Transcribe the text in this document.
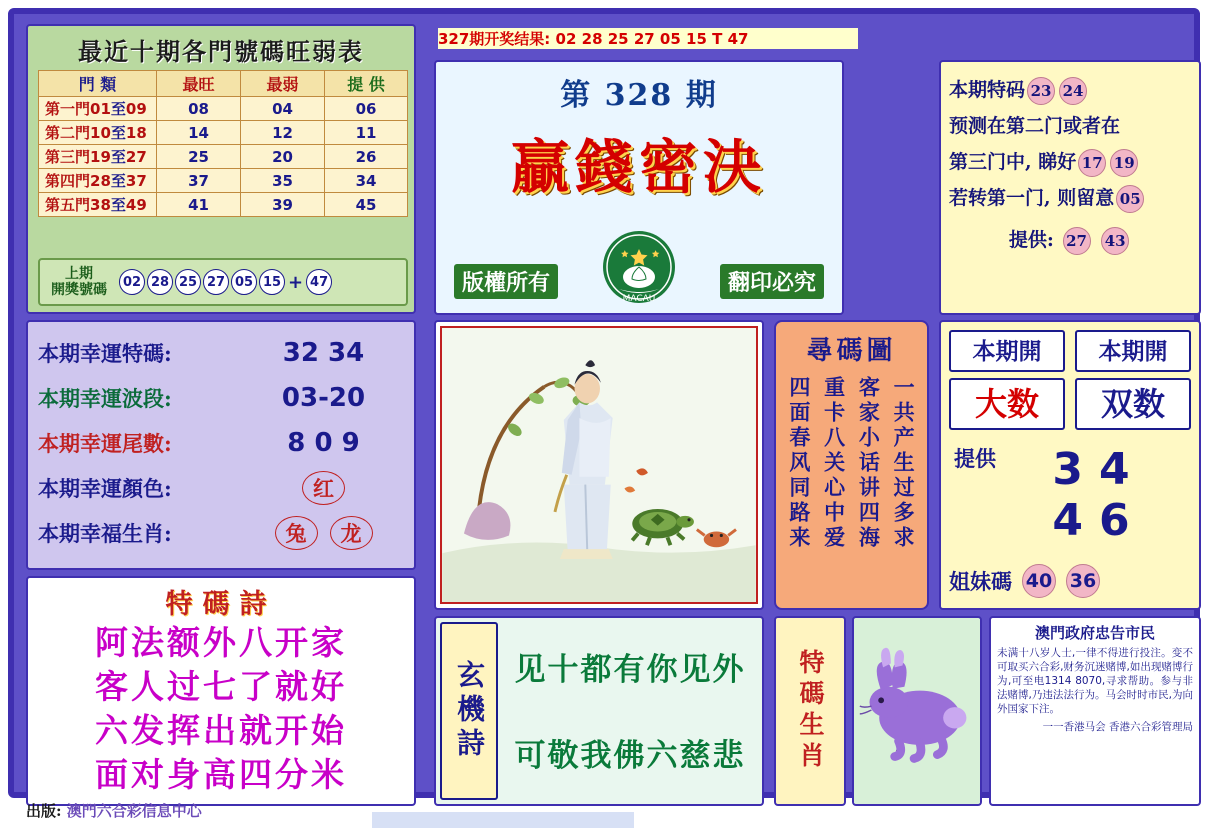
327期开奖结果: 02 28 25 27 05 15 T 47
最近十期各門號碼旺弱表
門 類	最旺	最弱	提 供
第一門01至09	08	04	06
第二門10至18	14	12	11
第三門19至27	25	20	26
第四門28至37	37	35	34
第五門38至49	41	39	45
上期
開獎號碼	02 28 25 27 05 15 + 47
第 328 期
贏錢密決
版權所有
MACAU
翻印必究
本期特码 23 24
预测在第二门或者在
第三门中, 睇好 17 19
若转第一门, 则留意 05
提供: 27 43
本期幸運特碼:	32 34
本期幸運波段:	03-20
本期幸運尾數:	8 0 9
本期幸運顏色:	红
本期幸福生肖:	兔 龙
特碼詩
阿法额外八开家
客人过七了就好
六发挥出就开始
面对身高四分米
尋碼圖
一共产生过多求
客家小话讲四海
重卡八关心中爱
四面春风同路来
本期開	本期開
大数	双数
提供	34 46
姐妹碼 40 36
玄機詩 见十都有你见外
可敬我佛六慈悲	特碼生肖
澳門政府忠告市民
未满十八岁人士,一律不得进行投注。变不可取买六合彩,财务沉迷赌博,如出现赌博行为,可至电1314 8070,寻求帮助。参与非法赌博,乃违法法行为。马会时时市民,为向外国家下注。
一一香港马会 香港六合彩管理局
出版: 澳門六合彩信息中心
